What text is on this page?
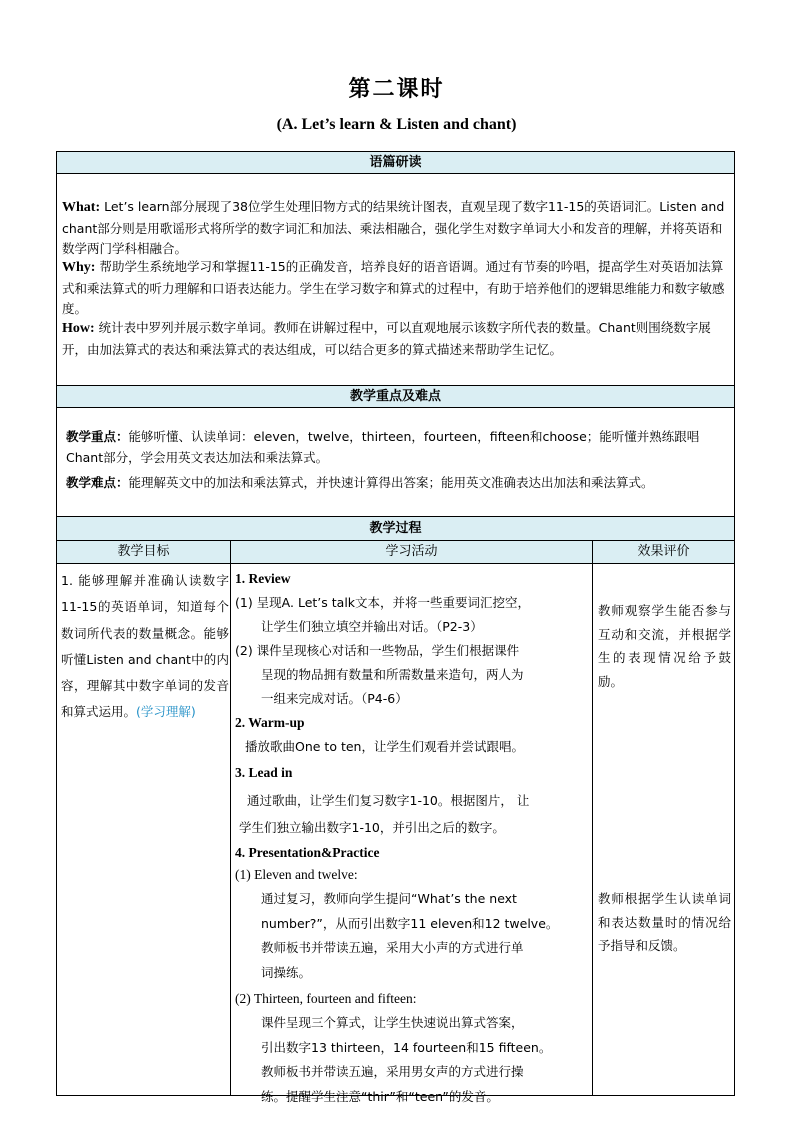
第二课时
(A. Let’s learn & Listen and chant)
语篇研读
What: Let’s learn部分展现了38位学生处理旧物方式的结果统计图表，直观呈现了数字11-15的英语词汇。Listen and chant部分则是用歌谣形式将所学的数字词汇和加法、乘法相融合，强化学生对数字单词大小和发音的理解，并将英语和数学两门学科相融合。
Why: 帮助学生系统地学习和掌握11-15的正确发音，培养良好的语音语调。通过有节奏的吟唱，提高学生对英语加法算式和乘法算式的听力理解和口语表达能力。学生在学习数字和算式的过程中，有助于培养他们的逻辑思维能力和数字敏感度。
How: 统计表中罗列并展示数字单词。教师在讲解过程中，可以直观地展示该数字所代表的数量。Chant则围绕数字展开，由加法算式的表达和乘法算式的表达组成，可以结合更多的算式描述来帮助学生记忆。
教学重点及难点
教学重点：能够听懂、认读单词：eleven，twelve，thirteen，fourteen，fifteen和choose；能听懂并熟练跟唱Chant部分，学会用英文表达加法和乘法算式。
教学难点：能理解英文中的加法和乘法算式，并快速计算得出答案；能用英文准确表达出加法和乘法算式。
教学过程
教学目标	学习活动	效果评价
1. 能够理解并准确认读数字11-15的英语单词，知道每个数词所代表的数量概念。能够听懂Listen and chant中的内容，理解其中数字单词的发音和算式运用。(学习理解)
1. Review
(1) 呈现A. Let’s talk文本，并将一些重要词汇挖空，
让学生们独立填空并输出对话。（P2-3）
(2) 课件呈现核心对话和一些物品，学生们根据课件
呈现的物品拥有数量和所需数量来造句，两人为
一组来完成对话。（P4-6）
2. Warm-up
播放歌曲One to ten，让学生们观看并尝试跟唱。
3. Lead in
通过歌曲，让学生们复习数字1-10。根据图片， 让
学生们独立输出数字1-10，并引出之后的数字。
4. Presentation&Practice
(1) Eleven and twelve:
通过复习，教师向学生提问“What’s the next
number?”，从而引出数字11 eleven和12 twelve。
教师板书并带读五遍，采用大小声的方式进行单
词操练。
(2) Thirteen, fourteen and fifteen:
课件呈现三个算式，让学生快速说出算式答案，
引出数字13 thirteen，14 fourteen和15 fifteen。
教师板书并带读五遍，采用男女声的方式进行操
练。提醒学生注意“thir”和“teen”的发音。
教师观察学生能否参与互动和交流，并根据学生的表现情况给予鼓励。
教师根据学生认读单词和表达数量时的情况给予指导和反馈。
